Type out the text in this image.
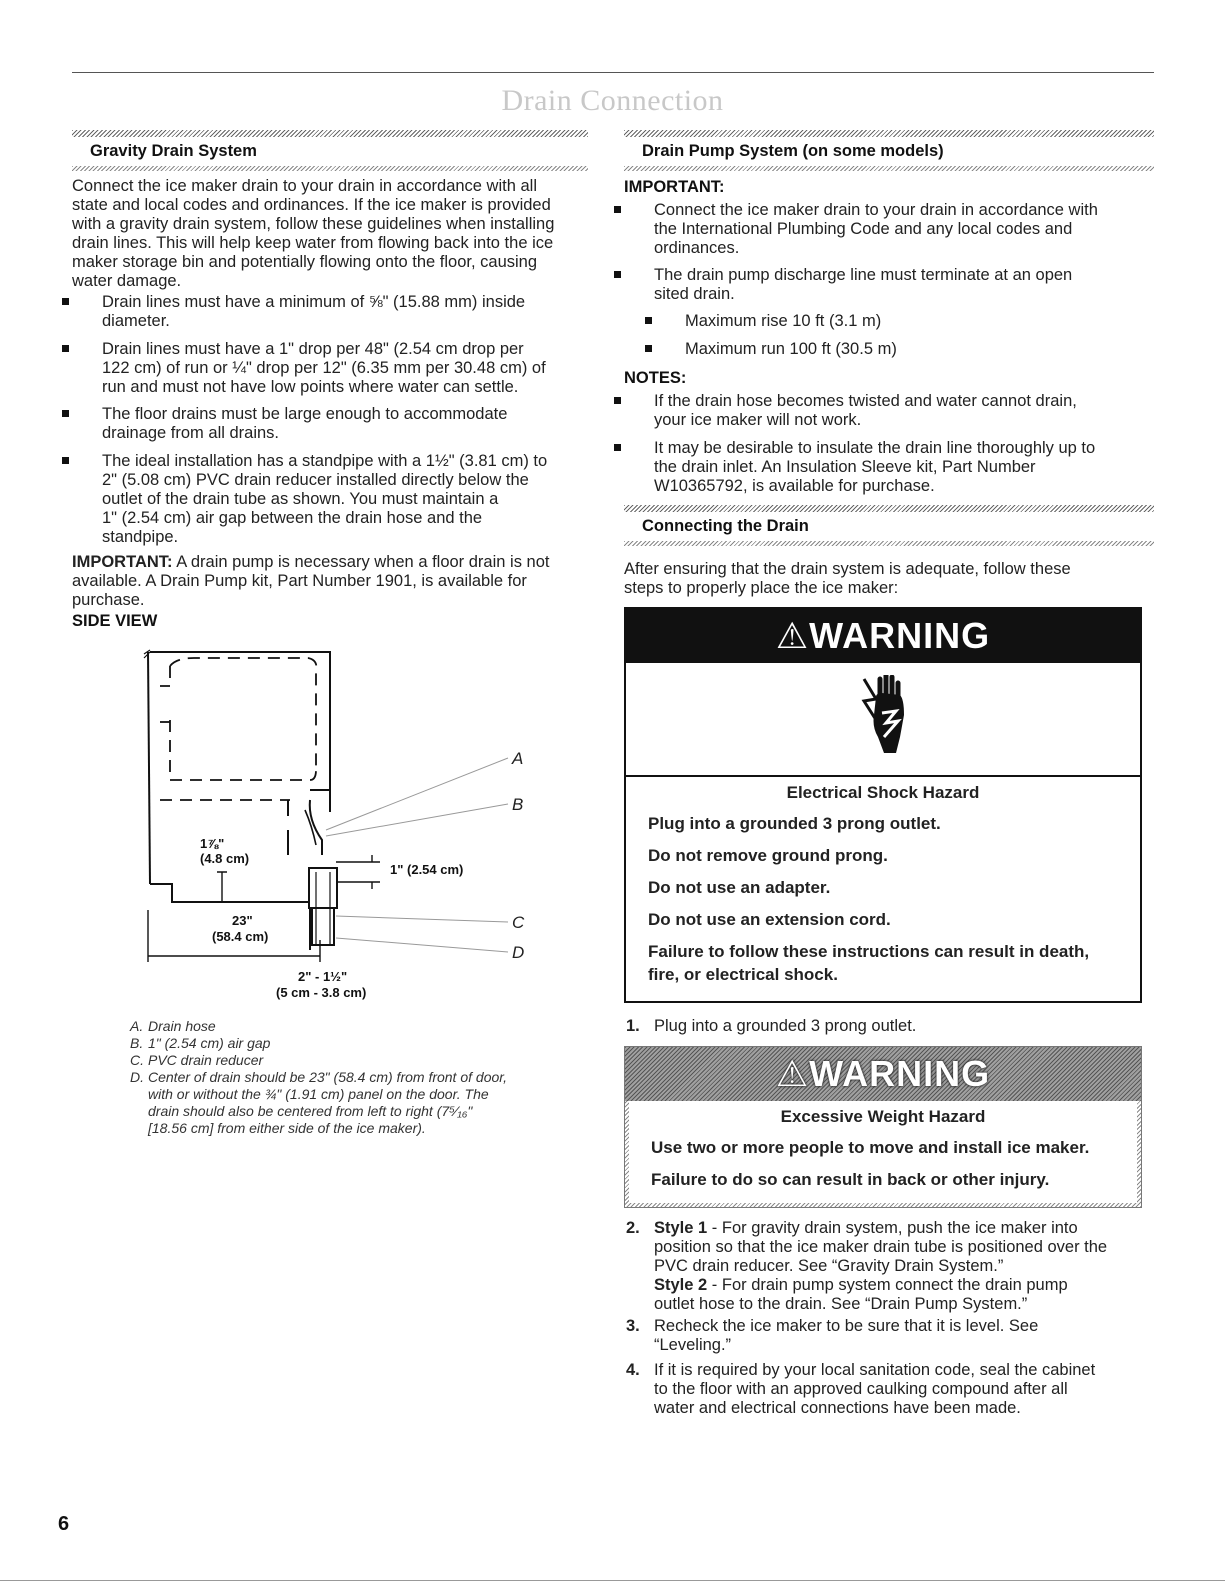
Drain Connection
Gravity Drain System
Connect the ice maker drain to your drain in accordance with all
state and local codes and ordinances. If the ice maker is provided
with a gravity drain system, follow these guidelines when installing
drain lines. This will help keep water from flowing back into the ice
maker storage bin and potentially flowing onto the floor, causing
water damage.
Drain lines must have a minimum of ⅝" (15.88 mm) inside
diameter.
Drain lines must have a 1" drop per 48" (2.54 cm drop per
122 cm) of run or ¼" drop per 12" (6.35 mm per 30.48 cm) of
run and must not have low points where water can settle.
The floor drains must be large enough to accommodate
drainage from all drains.
The ideal installation has a standpipe with a 1½" (3.81 cm) to
2" (5.08 cm) PVC drain reducer installed directly below the
outlet of the drain tube as shown. You must maintain a
1" (2.54 cm) air gap between the drain hose and the
standpipe.
IMPORTANT: A drain pump is necessary when a floor drain is not
available. A Drain Pump kit, Part Number 1901, is available for
purchase.
SIDE VIEW
1⅞"
(4.8 cm)
1" (2.54 cm)
23"
(58.4 cm)
2" - 1½"
(5 cm - 3.8 cm)
A
B
C
D
A. Drain hose
B. 1" (2.54 cm) air gap
C. PVC drain reducer
D. Center of drain should be 23" (58.4 cm) from front of door,
with or without the ¾" (1.91 cm) panel on the door. The
drain should also be centered from left to right (7⁵⁄₁₆"
[18.56 cm] from either side of the ice maker).
Drain Pump System (on some models)
IMPORTANT:
Connect the ice maker drain to your drain in accordance with
the International Plumbing Code and any local codes and
ordinances.
The drain pump discharge line must terminate at an open
sited drain.
Maximum rise 10 ft (3.1 m)
Maximum run 100 ft (30.5 m)
NOTES:
If the drain hose becomes twisted and water cannot drain,
your ice maker will not work.
It may be desirable to insulate the drain line thoroughly up to
the drain inlet. An Insulation Sleeve kit, Part Number
W10365792, is available for purchase.
Connecting the Drain
After ensuring that the drain system is adequate, follow these
steps to properly place the ice maker:
⚠WARNING
Electrical Shock Hazard
Plug into a grounded 3 prong outlet.
Do not remove ground prong.
Do not use an adapter.
Do not use an extension cord.
Failure to follow these instructions can result in death,
fire, or electrical shock.
1. Plug into a grounded 3 prong outlet.
⚠WARNING
Excessive Weight Hazard
Use two or more people to move and install ice maker.
Failure to do so can result in back or other injury.
2. Style 1 - For gravity drain system, push the ice maker into
position so that the ice maker drain tube is positioned over the
PVC drain reducer. See “Gravity Drain System.”
Style 2 - For drain pump system connect the drain pump
outlet hose to the drain. See “Drain Pump System.”
3. Recheck the ice maker to be sure that it is level. See
“Leveling.”
4. If it is required by your local sanitation code, seal the cabinet
to the floor with an approved caulking compound after all
water and electrical connections have been made.
6
